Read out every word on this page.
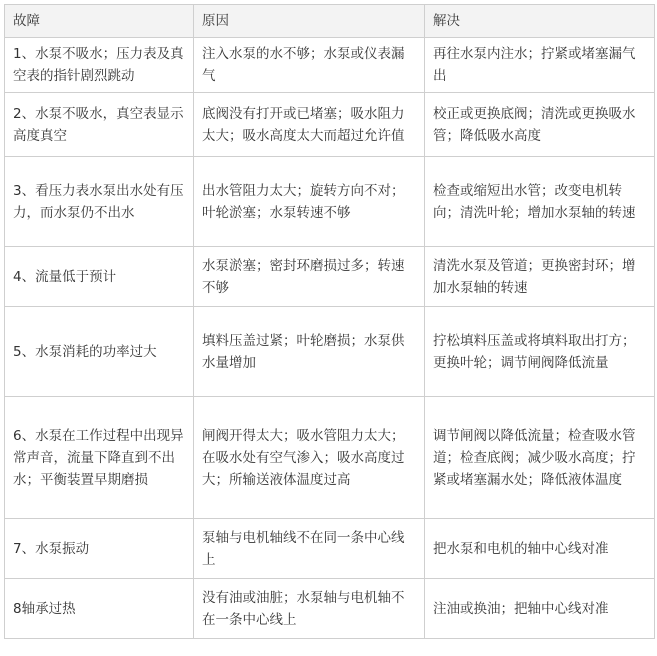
故障	原因	解决
1、水泵不吸水；压力表及真空表的指针剧烈跳动	注入水泵的水不够；水泵或仪表漏气	再往水泵内注水；拧紧或堵塞漏气出
2、水泵不吸水，真空表显示高度真空	底阀没有打开或已堵塞；吸水阻力太大；吸水高度太大而超过允许值	校正或更换底阀；清洗或更换吸水管；降低吸水高度
3、看压力表水泵出水处有压力，而水泵仍不出水	出水管阻力太大；旋转方向不对；叶轮淤塞；水泵转速不够	检查或缩短出水管；改变电机转向；清洗叶轮；增加水泵轴的转速
4、流量低于预计	水泵淤塞；密封环磨损过多；转速不够	清洗水泵及管道；更换密封环；增加水泵轴的转速
5、水泵消耗的功率过大	填料压盖过紧；叶轮磨损；水泵供水量增加	拧松填料压盖或将填料取出打方；更换叶轮；调节闸阀降低流量
6、水泵在工作过程中出现异常声音，流量下降直到不出水；平衡装置早期磨损	闸阀开得太大；吸水管阻力太大；在吸水处有空气渗入；吸水高度过大；所输送液体温度过高	调节闸阀以降低流量；检查吸水管道；检查底阀；减少吸水高度；拧紧或堵塞漏水处；降低液体温度
7、水泵振动	泵轴与电机轴线不在同一条中心线上	把水泵和电机的轴中心线对准
8轴承过热	没有油或油脏；水泵轴与电机轴不在一条中心线上	注油或换油；把轴中心线对准
